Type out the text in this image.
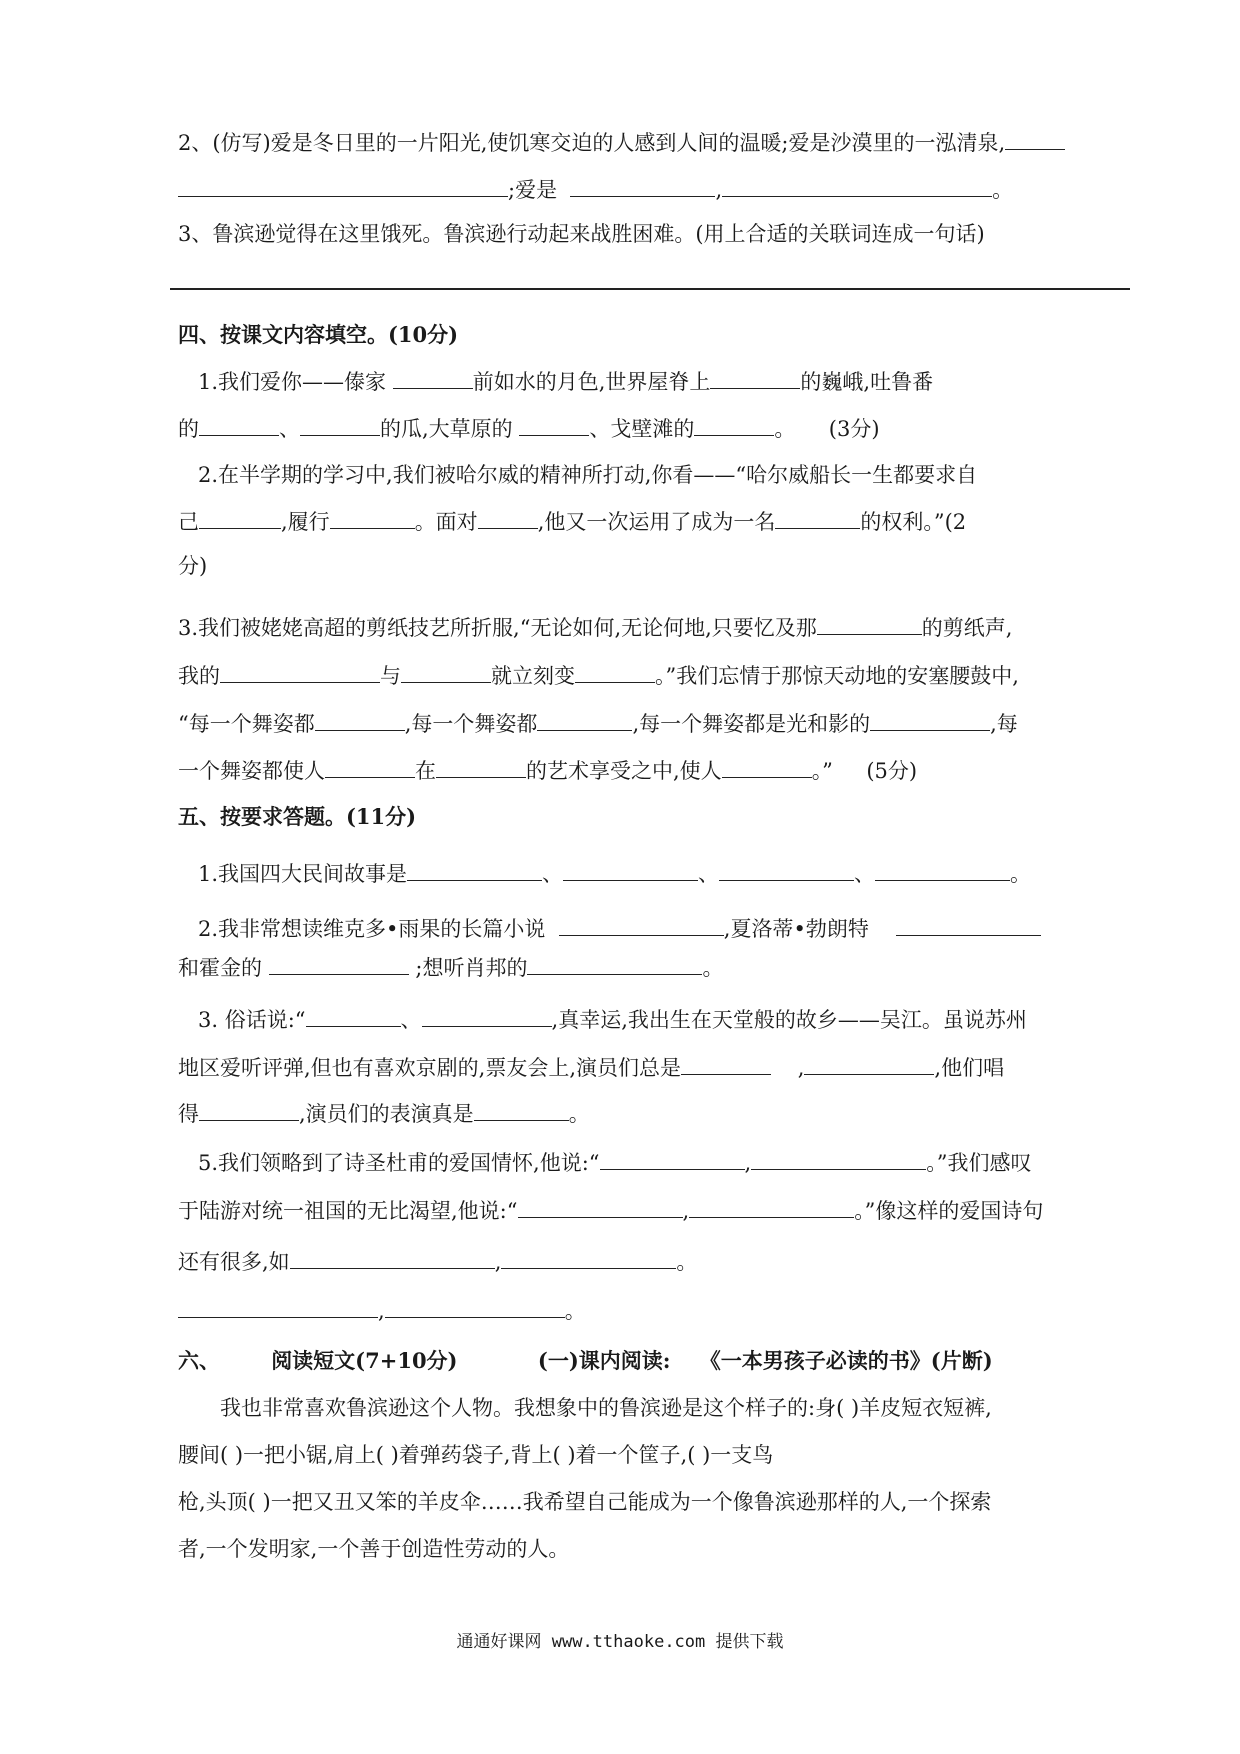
2、(仿写)爱是冬日里的一片阳光,使饥寒交迫的人感到人间的温暖;爱是沙漠里的一泓清泉,
;爱是	,	。
3、鲁滨逊觉得在这里饿死。鲁滨逊行动起来战胜困难。(用上合适的关联词连成一句话)
四、按课文内容填空。(10分)
1.我们爱你——傣家	前如水的月色,世界屋脊上	的巍峨,吐鲁番
的	、	的瓜,大草原的	、戈壁滩的	。 (3分)
2.在半学期的学习中,我们被哈尔威的精神所打动,你看——“哈尔威船长一生都要求自
己	,履行	。面对	,他又一次运用了成为一名	的权利。”(2
分)
3.我们被姥姥高超的剪纸技艺所折服,“无论如何,无论何地,只要忆及那	的剪纸声,
我的	与	就立刻变	。”我们忘情于那惊天动地的安塞腰鼓中,
“每一个舞姿都	,每一个舞姿都	,每一个舞姿都是光和影的	,每
一个舞姿都使人	在	的艺术享受之中,使人	。” (5分)
五、按要求答题。(11分)
1.我国四大民间故事是	、	、	、	。
2.我非常想读维克多•雨果的长篇小说	,夏洛蒂•勃朗特
和霍金的	;想听肖邦的	。
3. 俗话说:“	、	,真幸运,我出生在天堂般的故乡——吴江。虽说苏州
地区爱听评弹,但也有喜欢京剧的,票友会上,演员们总是	,	,他们唱
得	,演员们的表演真是	。
5.我们领略到了诗圣杜甫的爱国情怀,他说:“	,	。”我们感叹
于陆游对统一祖国的无比渴望,他说:“	,	。”像这样的爱国诗句
还有很多,如	,	。
,	。
六、 阅读短文(7+10分)	(一)课内阅读: 《一本男孩子必读的书》(片断)
我也非常喜欢鲁滨逊这个人物。我想象中的鲁滨逊是这个样子的:身( )羊皮短衣短裤,
腰间( )一把小锯,肩上( )着弹药袋子,背上( )着一个筐子,( )一支鸟
枪,头顶( )一把又丑又笨的羊皮伞……我希望自己能成为一个像鲁滨逊那样的人,一个探索
者,一个发明家,一个善于创造性劳动的人。
通通好课网 www.tthaoke.com 提供下载
